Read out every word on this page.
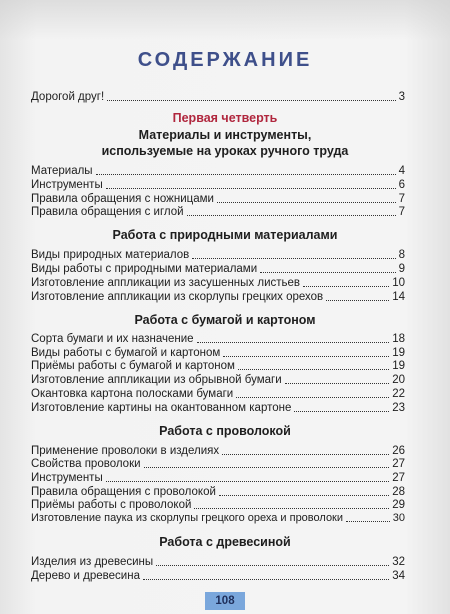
СОДЕРЖАНИЕ
Дорогой друг!	3
Первая четверть
Материалы и инструменты,
используемые на уроках ручного труда
Материалы	4
Инструменты	6
Правила обращения с ножницами	7
Правила обращения с иглой	7
Работа с природными материалами
Виды природных материалов	8
Виды работы с природными материалами	9
Изготовление аппликации из засушенных листьев	10
Изготовление аппликации из скорлупы грецких орехов	14
Работа с бумагой и картоном
Сорта бумаги и их назначение	18
Виды работы с бумагой и картоном	19
Приёмы работы с бумагой и картоном	19
Изготовление аппликации из обрывной бумаги	20
Окантовка картона полосками бумаги	22
Изготовление картины на окантованном картоне	23
Работа с проволокой
Применение проволоки в изделиях	26
Свойства проволоки	27
Инструменты	27
Правила обращения с проволокой	28
Приёмы работы с проволокой	29
Изготовление паука из скорлупы грецкого ореха и проволоки	30
Работа с древесиной
Изделия из древесины	32
Дерево и древесина	34
108
